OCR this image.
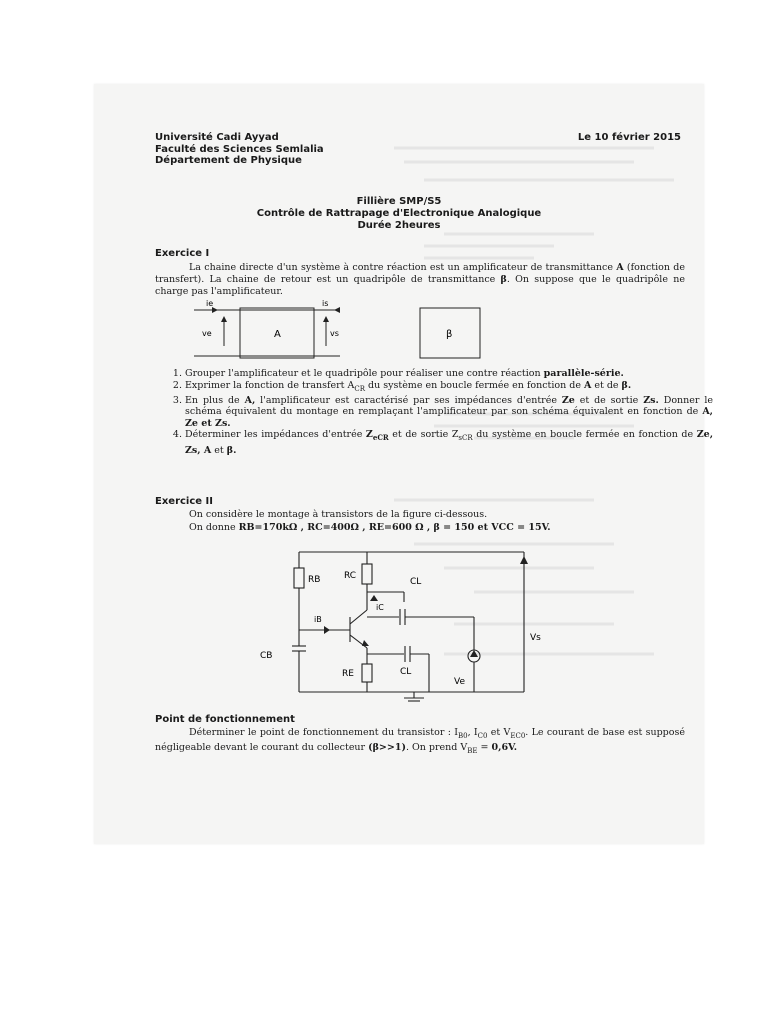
Université Cadi Ayyad
Faculté des Sciences Semlalia
Département de Physique
Le 10 février 2015
Fillière SMP/S5
Contrôle de Rattrapage d'Electronique Analogique
Durée 2heures
Exercice I
La chaine directe d'un système à contre réaction est un amplificateur de transmittance A (fonction de transfert). La chaine de retour est un quadripôle de transmittance β. On suppose que le quadripôle ne charge pas l'amplificateur.
ie
ve	A
is
vs	β
1. Grouper l'amplificateur et le quadripôle pour réaliser une contre réaction parallèle-série.
2. Exprimer la fonction de transfert $A_{CR}$ du système en boucle fermée en fonction de A et de β.
3. En plus de A, l'amplificateur est caractérisé par ses impédances d'entrée Ze et de sortie Zs. Donner le schéma équivalent du montage en remplaçant l'amplificateur par son schéma équivalent en fonction de A, Ze et Zs.
4. Déterminer les impédances d'entrée $Z_{eCR}$ et de sortie $Z_{sCR}$ du système en boucle fermée en fonction de Ze, Zs, A et β.
Exercice II
On considère le montage à transistors de la figure ci-dessous.
On donne RB=170kΩ , RC=400Ω , RE=600 Ω , β = 150 et VCC = 15V.
RB	RC
CL
iC
iB
CB
RE	CL
Ve
Vs
Point de fonctionnement
Déterminer le point de fonctionnement du transistor : $I_{B0}$, $I_{C0}$ et $V_{EC0}$. Le courant de base est supposé négligeable devant le courant du collecteur (β>>1). On prend $V_{BE} = 0,6V$.
